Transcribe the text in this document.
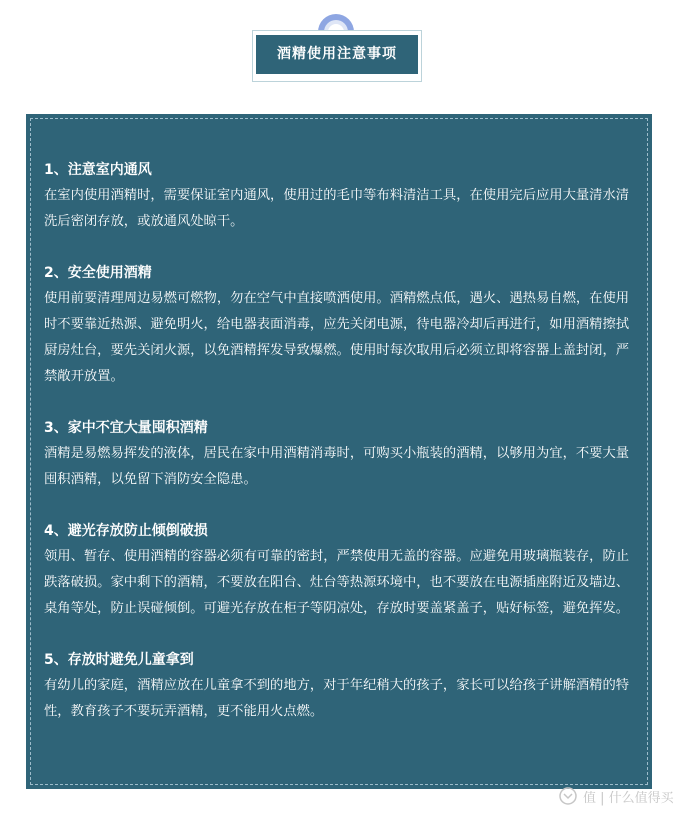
酒精使用注意事项

1、注意室内通风

在室内使用酒精时，需要保证室内通风，使用过的毛巾等布料清洁工具，在使用完后应用大量清水清洗后密闭存放，或放通风处晾干。

2、安全使用酒精

使用前要清理周边易燃可燃物，勿在空气中直接喷洒使用。酒精燃点低，遇火、遇热易自燃，在使用时不要靠近热源、避免明火，给电器表面消毒，应先关闭电源，待电器冷却后再进行，如用酒精擦拭厨房灶台，要先关闭火源，以免酒精挥发导致爆燃。使用时每次取用后必须立即将容器上盖封闭，严禁敞开放置。

3、家中不宜大量囤积酒精

酒精是易燃易挥发的液体，居民在家中用酒精消毒时，可购买小瓶装的酒精，以够用为宜，不要大量囤积酒精，以免留下消防安全隐患。

4、避光存放防止倾倒破损

领用、暂存、使用酒精的容器必须有可靠的密封，严禁使用无盖的容器。应避免用玻璃瓶装存，防止跌落破损。家中剩下的酒精，不要放在阳台、灶台等热源环境中，也不要放在电源插座附近及墙边、桌角等处，防止误碰倾倒。可避光存放在柜子等阴凉处，存放时要盖紧盖子，贴好标签，避免挥发。

5、存放时避免儿童拿到

有幼儿的家庭，酒精应放在儿童拿不到的地方，对于年纪稍大的孩子，家长可以给孩子讲解酒精的特性，教育孩子不要玩弄酒精，更不能用火点燃。

值 | 什么值得买
